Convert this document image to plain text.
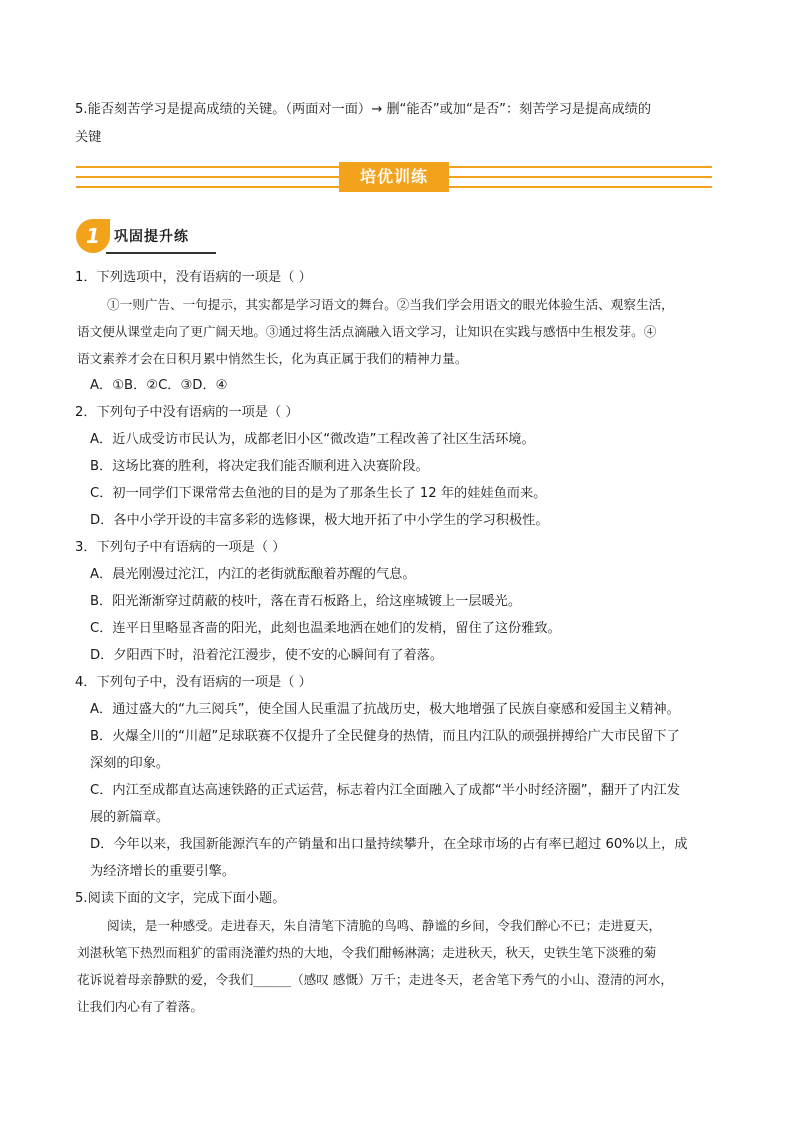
5.能否刻苦学习是提高成绩的关键。（两面对一面）→ 删“能否”或加“是否”：刻苦学习是提高成绩的

关键

培优训练
1	巩固提升练

1．下列选项中，没有语病的一项是（ ）

①一则广告、一句提示，其实都是学习语文的舞台。②当我们学会用语文的眼光体验生活、观察生活，

语文便从课堂走向了更广阔天地。③通过将生活点滴融入语文学习，让知识在实践与感悟中生根发芽。④

语文素养才会在日积月累中悄然生长，化为真正属于我们的精神力量。

A．①B．②C．③D．④

2．下列句子中没有语病的一项是（ ）

A．近八成受访市民认为，成都老旧小区“微改造”工程改善了社区生活环境。

B．这场比赛的胜利，将决定我们能否顺利进入决赛阶段。

C．初一同学们下课常常去鱼池的目的是为了那条生长了 12 年的娃娃鱼而来。

D．各中小学开设的丰富多彩的选修课，极大地开拓了中小学生的学习积极性。

3．下列句子中有语病的一项是（ ）

A．晨光刚漫过沱江，内江的老街就酝酿着苏醒的气息。

B．阳光渐渐穿过荫蔽的枝叶，落在青石板路上，给这座城镀上一层暖光。

C．连平日里略显吝啬的阳光，此刻也温柔地洒在她们的发梢，留住了这份雅致。

D．夕阳西下时，沿着沱江漫步，使不安的心瞬间有了着落。

4．下列句子中，没有语病的一项是（ ）

A．通过盛大的“九三阅兵”，使全国人民重温了抗战历史，极大地增强了民族自豪感和爱国主义精神。
B．火爆全川的“川超”足球联赛不仅提升了全民健身的热情，而且内江队的顽强拼搏给广大市民留下了
深刻的印象。
C．内江至成都直达高速铁路的正式运营，标志着内江全面融入了成都“半小时经济圈”，翻开了内江发
展的新篇章。
D．今年以来，我国新能源汽车的产销量和出口量持续攀升，在全球市场的占有率已超过 60%以上，成
为经济增长的重要引擎。

5.阅读下面的文字，完成下面小题。

阅读，是一种感受。走进春天，朱自清笔下清脆的鸟鸣、静谧的乡间，令我们醉心不已；走进夏天，

刘湛秋笔下热烈而粗犷的雷雨浇灌灼热的大地，令我们酣畅淋漓；走进秋天，秋天，史铁生笔下淡雅的菊

花诉说着母亲静默的爱，令我们______（感叹 感慨）万千；走进冬天，老舍笔下秀气的小山、澄清的河水，

让我们内心有了着落。
